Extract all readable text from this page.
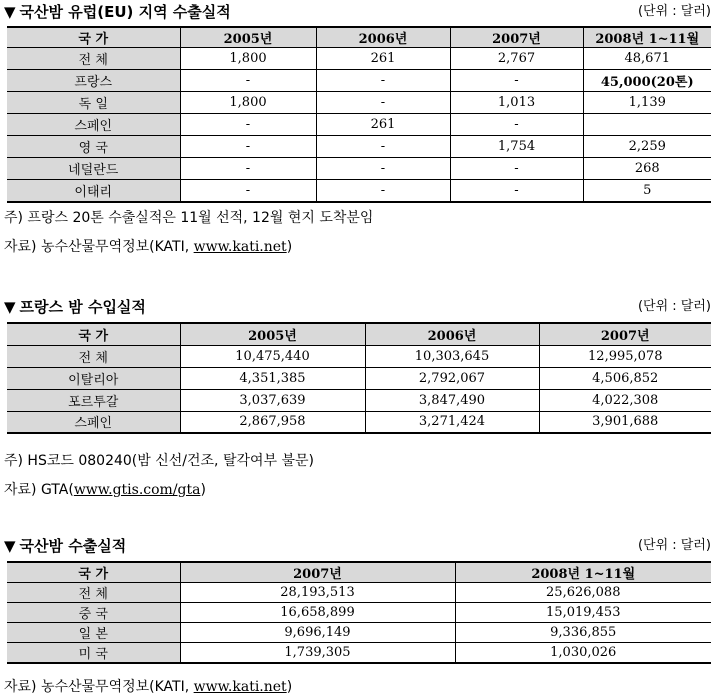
▼ 국산밤 유럽(EU) 지역 수출실적	(단위 : 달러)
국 가	2005년	2006년	2007년	2008년 1~11월
전 체	1,800	261	2,767	48,671
프랑스	-	-	-	45,000(20톤)
독 일	1,800	-	1,013	1,139
스페인	-	261	-	
영 국	-	-	1,754	2,259
네덜란드	-	-	-	268
이태리	-	-	-	5
주) 프랑스 20톤 수출실적은 11월 선적, 12월 현지 도착분임
자료) 농수산물무역정보(KATI, www.kati.net)
▼ 프랑스 밤 수입실적	(단위 : 달러)
국 가	2005년	2006년	2007년
전 체	10,475,440	10,303,645	12,995,078
이탈리아	4,351,385	2,792,067	4,506,852
포르투갈	3,037,639	3,847,490	4,022,308
스페인	2,867,958	3,271,424	3,901,688
주) HS코드 080240(밤 신선/건조, 탈각여부 불문)
자료) GTA(www.gtis.com/gta)
▼ 국산밤 수출실적	(단위 : 달러)
국 가	2007년	2008년 1~11월
전 체	28,193,513	25,626,088
중 국	16,658,899	15,019,453
일 본	9,696,149	9,336,855
미 국	1,739,305	1,030,026
자료) 농수산물무역정보(KATI, www.kati.net)
